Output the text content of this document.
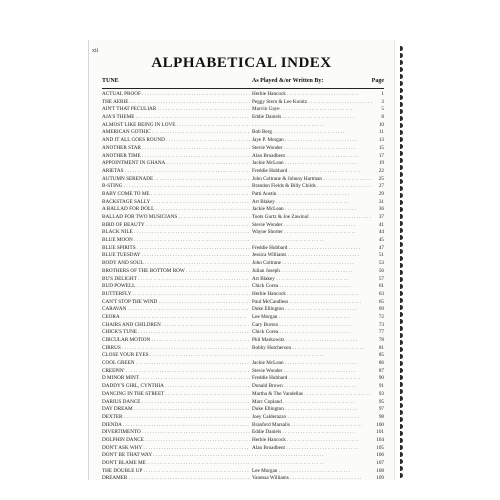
xii
ALPHABETICAL INDEX
TUNE	As Played &/or Written By:	Page
ACTUAL PROOF . . .	Herbie Hancock . . .	1
THE AERIE . . .	Peggy Stern & Lee Konitz . . .	3
AIN'T THAT PECULIAR . . .	Marvin Gaye . . .	5
AJA'S THEME . . .	Eddie Daniels . . .	8
ALMOST LIKE BEING IN LOVE . . . . . .	10
AMERICAN GOTHIC . . .	Bob Berg . . .	11
AND IT ALL GOES ROUND . . .	Jaye P. Morgan . . .	13
ANOTHER STAR . . .	Stevie Wonder . . .	15
ANOTHER TIME . . .	Alan Broadbent . . .	17
APPOINTMENT IN GHANA . . .	Jackie McLean . . .	19
ARIETAS . . .	Freddie Hubbard . . .	22
AUTUMN SERENADE . . .	John Coltrane & Johnny Hartman . . .	25
B-STING . . .	Brandon Fields & Billy Childs . . .	27
BABY COME TO ME . . .	Patti Austin . . .	29
BACKSTAGE SALLY . . .	Art Blakey . . .	31
A BALLAD FOR DOLL . . .	Jackie McLean . . .	36
BALLAD FOR TWO MUSICIANS . . .	Toots Gurtz & Joe Zawinul . . .	37
BIRD OF BEAUTY . . .	Stevie Wonder . . .	41
BLACK NILE . . .	Wayne Shorter . . .	44
BLUE MOON . . . . . .	45
BLUE SPIRITS . . .	Freddie Hubbard . . .	47
BLUE TUESDAY . . .	Jessica Williams . . .	51
BODY AND SOUL . . .	John Coltrane . . .	53
BROTHERS OF THE BOTTOM ROW . . .	Julian Joseph . . .	56
BU'S DELIGHT . . .	Art Blakey . . .	57
BUD POWELL . . .	Chick Corea . . .	61
BUTTERFLY . . .	Herbie Hancock . . .	63
CAN'T STOP THE WIND . . .	Paul McCandless . . .	65
CARAVAN . . .	Duke Ellington . . .	69
CEORA . . .	Lee Morgan . . .	72
CHAIRS AND CHILDREN . . .	Gary Burton . . .	73
CHICK'S TUNE . . .	Chick Corea . . .	77
CIRCULAR MOTION . . .	Phil Markowitz . . .	78
CIRRUS . . .	Bobby Hutcherson . . .	81
CLOSE YOUR EYES . . . . . .	85
COOL GREEN . . .	Jackie McLean . . .	86
CREEPIN' . . .	Stevie Wonder . . .	87
D MINOR MINT . . .	Freddie Hubbard . . .	90
DADDY'S GIRL, CYNTHIA . . .	Donald Brown . . .	91
DANCING IN THE STREET . . .	Martha & The Vandellas . . .	93
DARIUS DANCE . . .	Marc Copland . . .	95
DAY DREAM . . .	Duke Ellington . . .	97
DEXTER . . .	Joey Calderazzo . . .	98
DIENDA . . .	Branford Marsalis . . .	100
DIVERTIMENTO . . .	Eddie Daniels . . .	101
DOLPHIN DANCE . . .	Herbie Hancock . . .	104
DON'T ASK WHY . . .	Alan Broadbent . . .	105
DON'T BE THAT WAY . . . . . .	106
DON'T BLAME ME . . . . . .	107
THE DOUBLE UP . . .	Lee Morgan . . .	108
DREAMER . . .	Vanessa Williams . . .	109
